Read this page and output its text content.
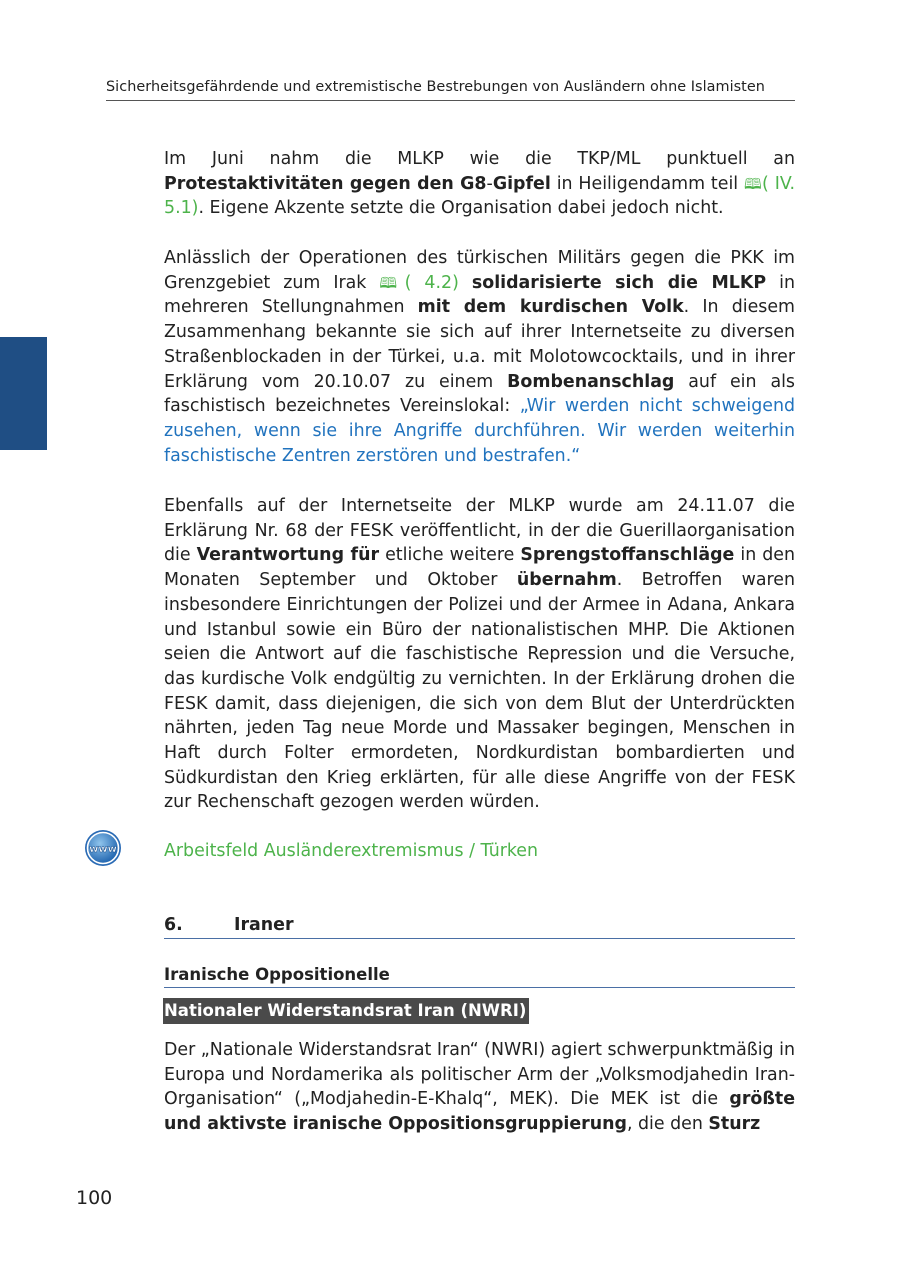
Sicherheitsgefährdende und extremistische Bestrebungen von Ausländern ohne Islamisten

Im Juni nahm die MLKP wie die TKP/ML punktuell an Protestaktivitäten gegen den G8-Gipfel in Heiligendamm teil 🕮( IV. 5.1). Eigene Akzente setzte die Organisation dabei jedoch nicht.

Anlässlich der Operationen des türkischen Militärs gegen die PKK im Grenzgebiet zum Irak 🕮( 4.2) solidarisierte sich die MLKP in mehreren Stellungnahmen mit dem kurdischen Volk. In diesem Zusammenhang bekannte sie sich auf ihrer Internetseite zu diversen Straßenblockaden in der Türkei, u.a. mit Molotowcocktails, und in ihrer Erklärung vom 20.10.07 zu einem Bombenanschlag auf ein als faschistisch bezeichnetes Vereinslokal: „Wir werden nicht schweigend zusehen, wenn sie ihre Angriffe durchführen. Wir werden weiterhin faschistische Zentren zerstören und bestrafen.“

Ebenfalls auf der Internetseite der MLKP wurde am 24.11.07 die Erklärung Nr. 68 der FESK veröffentlicht, in der die Guerillaorganisation die Verantwortung für etliche weitere Sprengstoffanschläge in den Monaten September und Oktober übernahm. Betroffen waren insbesondere Einrichtungen der Polizei und der Armee in Adana, Ankara und Istanbul sowie ein Büro der nationalistischen MHP. Die Aktionen seien die Antwort auf die faschistische Repression und die Versuche, das kurdische Volk endgültig zu vernichten. In der Erklärung drohen die FESK damit, dass diejenigen, die sich von dem Blut der Unterdrückten nährten, jeden Tag neue Morde und Massaker begingen, Menschen in Haft durch Folter ermordeten, Nordkurdistan bombardierten und Südkurdistan den Krieg erklärten, für alle diese Angriffe von der FESK zur Rechenschaft gezogen werden würden.

www	Arbeitsfeld Ausländerextremismus / Türken
6.	Iraner
Iranische Oppositionelle
Nationaler Widerstandsrat Iran (NWRI)

Der „Nationale Widerstandsrat Iran“ (NWRI) agiert schwerpunktmäßig in Europa und Nordamerika als politischer Arm der „Volksmodjahedin Iran-Organisation“ („Modjahedin-E-Khalq“, MEK). Die MEK ist die größte und aktivste iranische Oppositionsgruppierung, die den Sturz

100
